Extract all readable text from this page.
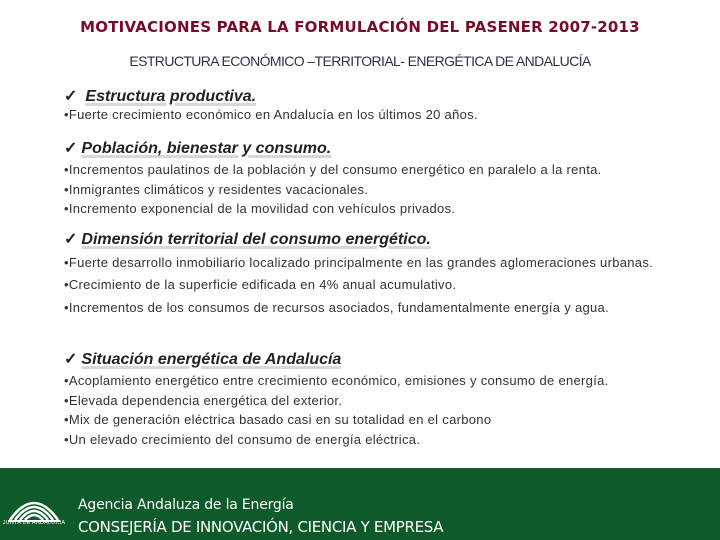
MOTIVACIONES PARA LA FORMULACIÓN DEL PASENER 2007-2013
ESTRUCTURA ECONÓMICO –TERRITORIAL- ENERGÉTICA DE ANDALUCÍA
✓ Estructura productiva.
• Fuerte crecimiento económico en Andalucía en los últimos 20 años.
✓ Población, bienestar y consumo.
• Incrementos paulatinos de la población y del consumo energético en paralelo a la renta.
• Inmigrantes climáticos y residentes vacacionales.
• Incremento exponencial de la movilidad con vehículos privados.
✓ Dimensión territorial del consumo energético.
• Fuerte desarrollo inmobiliario localizado principalmente en las grandes aglomeraciones urbanas.
• Crecimiento de la superficie edificada en 4% anual acumulativo.
• Incrementos de los consumos de recursos asociados, fundamentalmente energía y agua.
✓ Situación energética de Andalucía
• Acoplamiento energético entre crecimiento económico, emisiones y consumo de energía.
• Elevada dependencia energética del exterior.
• Mix de generación eléctrica basado casi en su totalidad en el carbono
• Un elevado crecimiento del consumo de energía eléctrica.
JUNTA DE ANDALUCIA
Agencia Andaluza de la Energía
CONSEJERÍA DE INNOVACIÓN, CIENCIA Y EMPRESA
